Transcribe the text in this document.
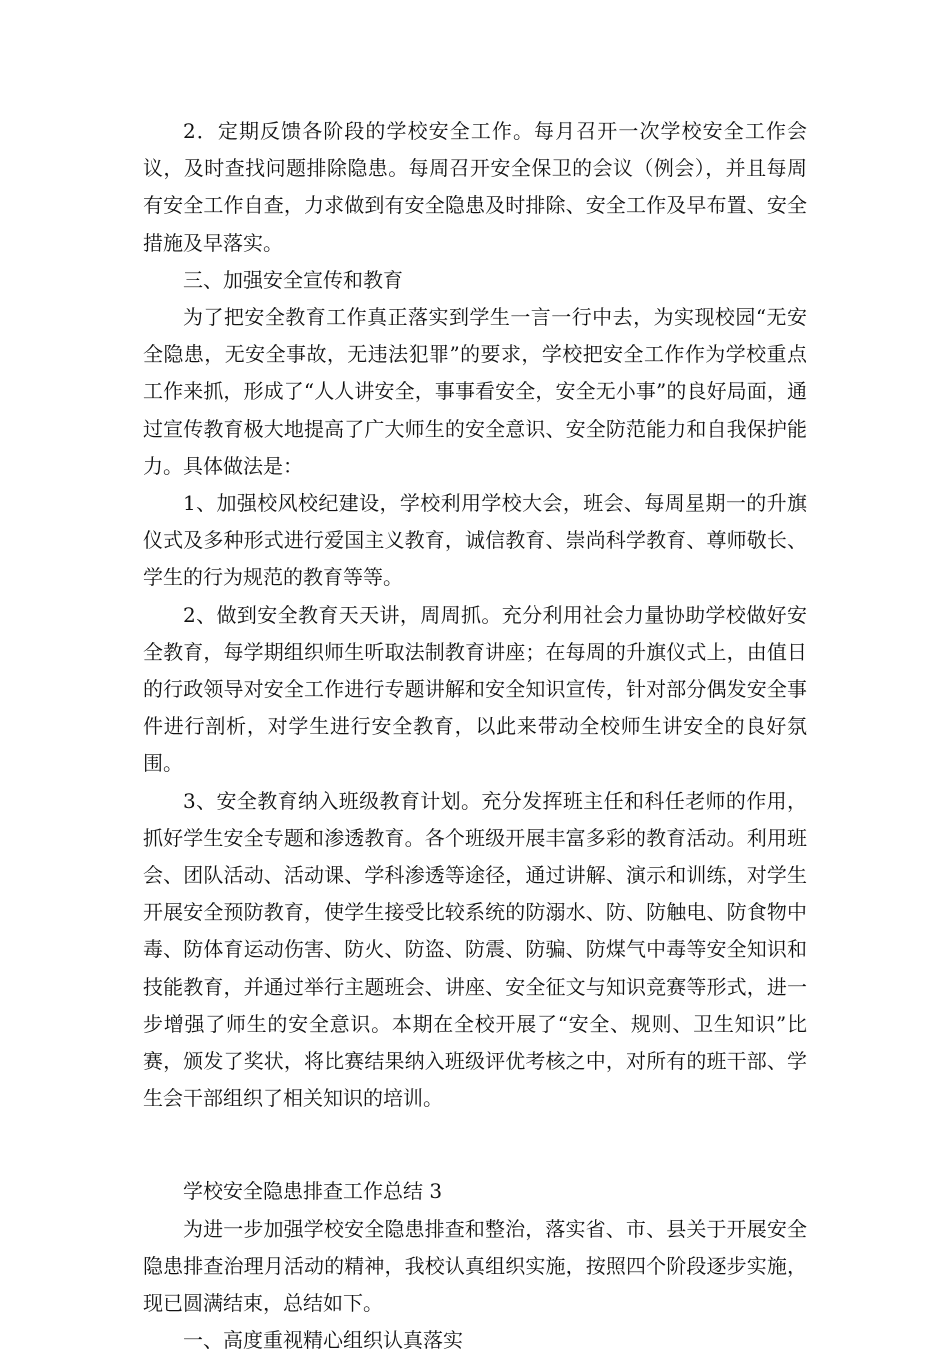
2．定期反馈各阶段的学校安全工作。每月召开一次学校安全工作会议，及时查找问题排除隐患。每周召开安全保卫的会议（例会），并且每周有安全工作自查，力求做到有安全隐患及时排除、安全工作及早布置、安全措施及早落实。

三、加强安全宣传和教育

为了把安全教育工作真正落实到学生一言一行中去，为实现校园“无安全隐患，无安全事故，无违法犯罪”的要求，学校把安全工作作为学校重点工作来抓，形成了“人人讲安全，事事看安全，安全无小事”的良好局面，通过宣传教育极大地提高了广大师生的安全意识、安全防范能力和自我保护能力。具体做法是：

1、加强校风校纪建设，学校利用学校大会，班会、每周星期一的升旗仪式及多种形式进行爱国主义教育，诚信教育、崇尚科学教育、尊师敬长、学生的行为规范的教育等等。

2、做到安全教育天天讲，周周抓。充分利用社会力量协助学校做好安全教育，每学期组织师生听取法制教育讲座；在每周的升旗仪式上，由值日的行政领导对安全工作进行专题讲解和安全知识宣传，针对部分偶发安全事件进行剖析，对学生进行安全教育，以此来带动全校师生讲安全的良好氛围。

3、安全教育纳入班级教育计划。充分发挥班主任和科任老师的作用，抓好学生安全专题和渗透教育。各个班级开展丰富多彩的教育活动。利用班会、团队活动、活动课、学科渗透等途径，通过讲解、演示和训练，对学生开展安全预防教育，使学生接受比较系统的防溺水、防、防触电、防食物中毒、防体育运动伤害、防火、防盗、防震、防骗、防煤气中毒等安全知识和技能教育，并通过举行主题班会、讲座、安全征文与知识竞赛等形式，进一步增强了师生的安全意识。本期在全校开展了“安全、规则、卫生知识”比赛，颁发了奖状，将比赛结果纳入班级评优考核之中，对所有的班干部、学生会干部组织了相关知识的培训。

学校安全隐患排查工作总结 3

为进一步加强学校安全隐患排查和整治，落实省、市、县关于开展安全隐患排查治理月活动的精神，我校认真组织实施，按照四个阶段逐步实施，现已圆满结束，总结如下。

一、高度重视精心组织认真落实
